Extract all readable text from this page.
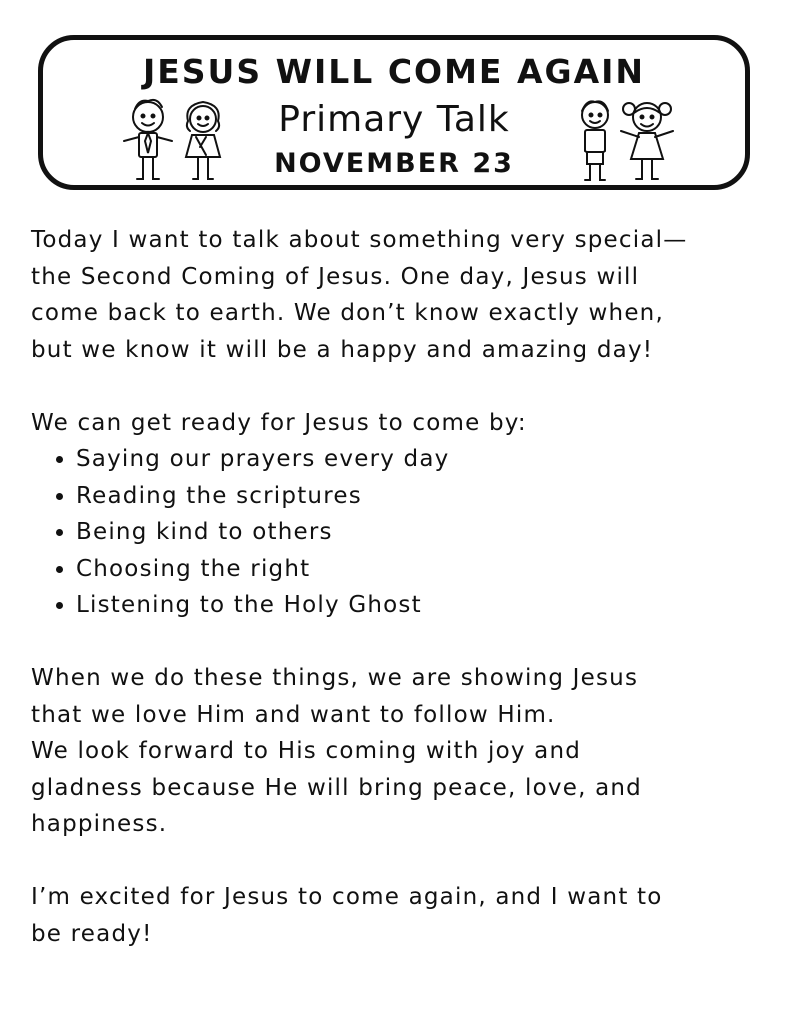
JESUS WILL COME AGAIN
Primary Talk
NOVEMBER 23

Today I want to talk about something very special—
the Second Coming of Jesus. One day, Jesus will
come back to earth. We don’t know exactly when,
but we know it will be a happy and amazing day!

We can get ready for Jesus to come by:

• Saying our prayers every day
• Reading the scriptures
• Being kind to others
• Choosing the right
• Listening to the Holy Ghost

When we do these things, we are showing Jesus
that we love Him and want to follow Him.
We look forward to His coming with joy and
gladness because He will bring peace, love, and
happiness.

I’m excited for Jesus to come again, and I want to
be ready!
